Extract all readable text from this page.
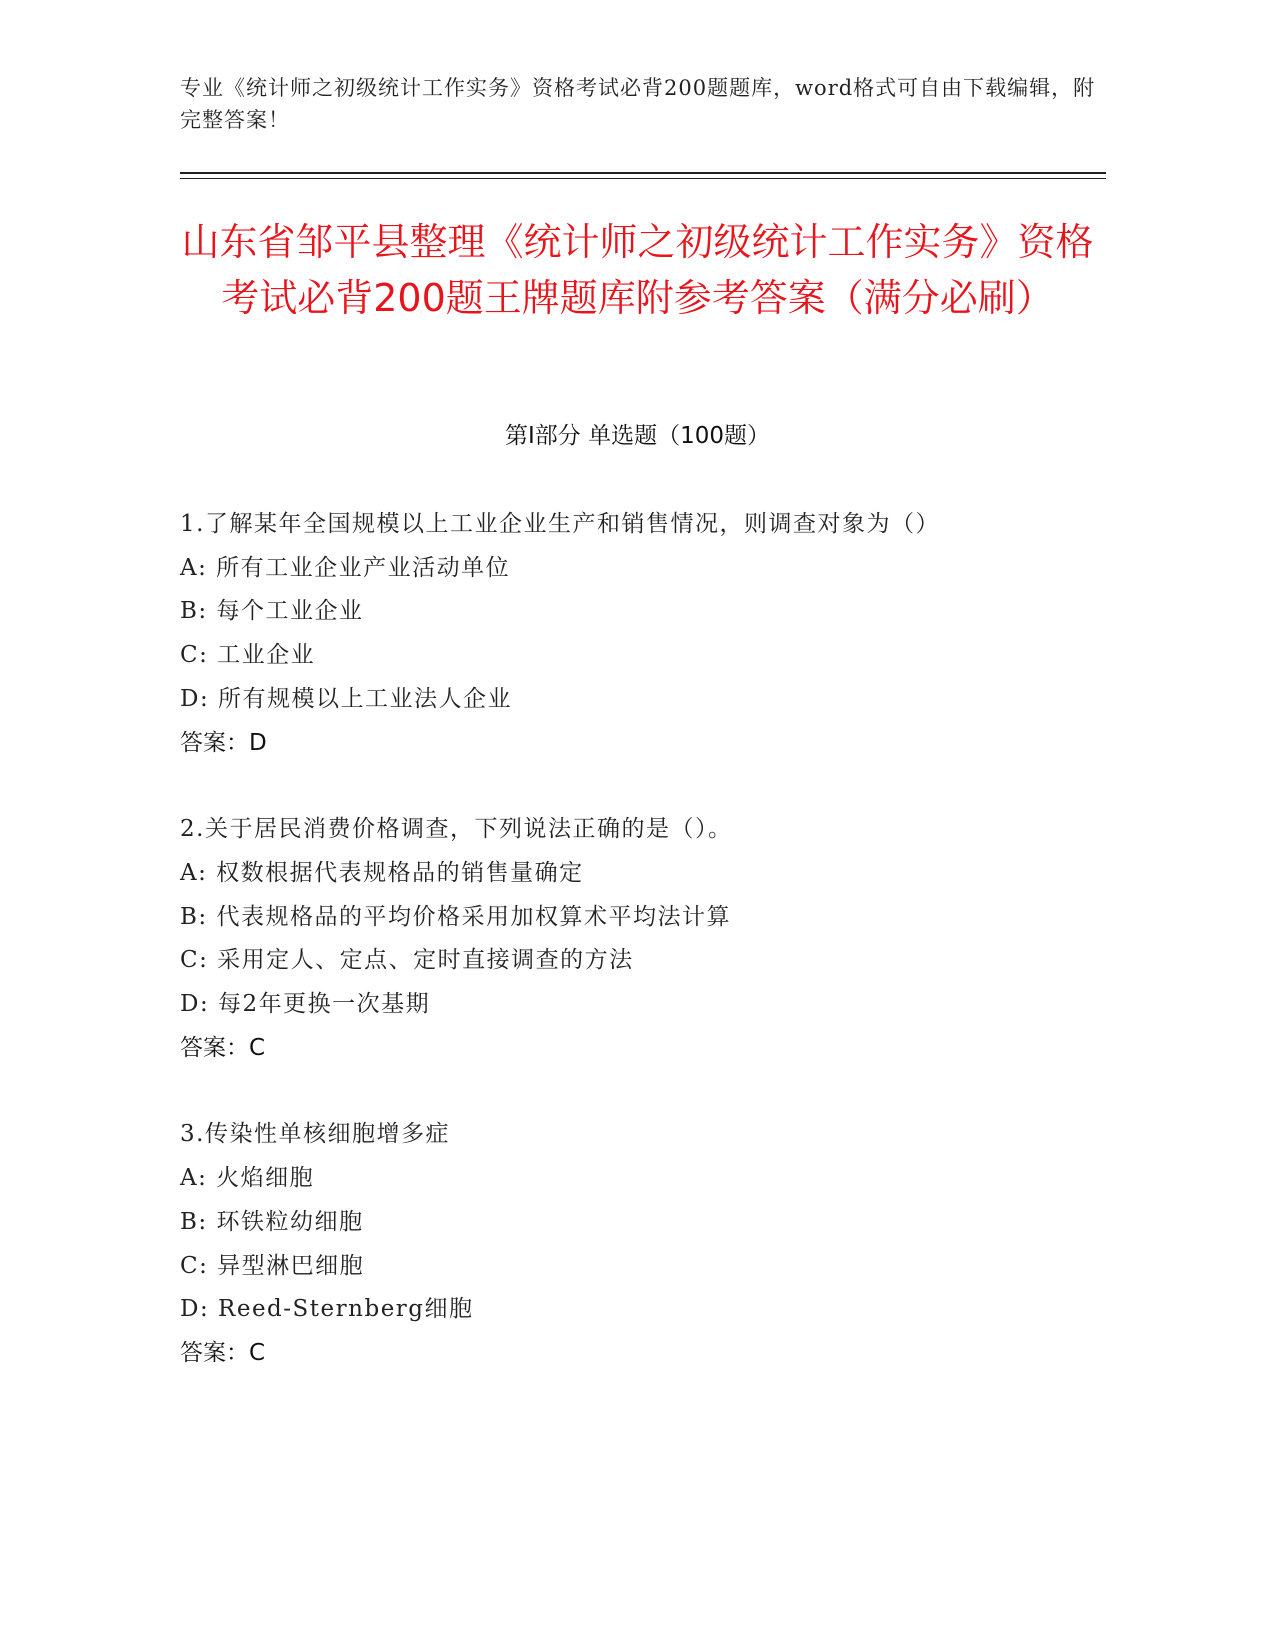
专业《统计师之初级统计工作实务》资格考试必背200题题库，word格式可自由下载编辑，附完整答案！
山东省邹平县整理《统计师之初级统计工作实务》资格考试必背200题王牌题库附参考答案（满分必刷）
第Ⅰ部分 单选题（100题）
1.了解某年全国规模以上工业企业生产和销售情况，则调查对象为（）
A: 所有工业企业产业活动单位
B: 每个工业企业
C: 工业企业
D: 所有规模以上工业法人企业
答案：D
2.关于居民消费价格调查，下列说法正确的是（）。
A: 权数根据代表规格品的销售量确定
B: 代表规格品的平均价格采用加权算术平均法计算
C: 采用定人、定点、定时直接调查的方法
D: 每2年更换一次基期
答案：C
3.传染性单核细胞增多症
A: 火焰细胞
B: 环铁粒幼细胞
C: 异型淋巴细胞
D: Reed-Sternberg细胞
答案：C
